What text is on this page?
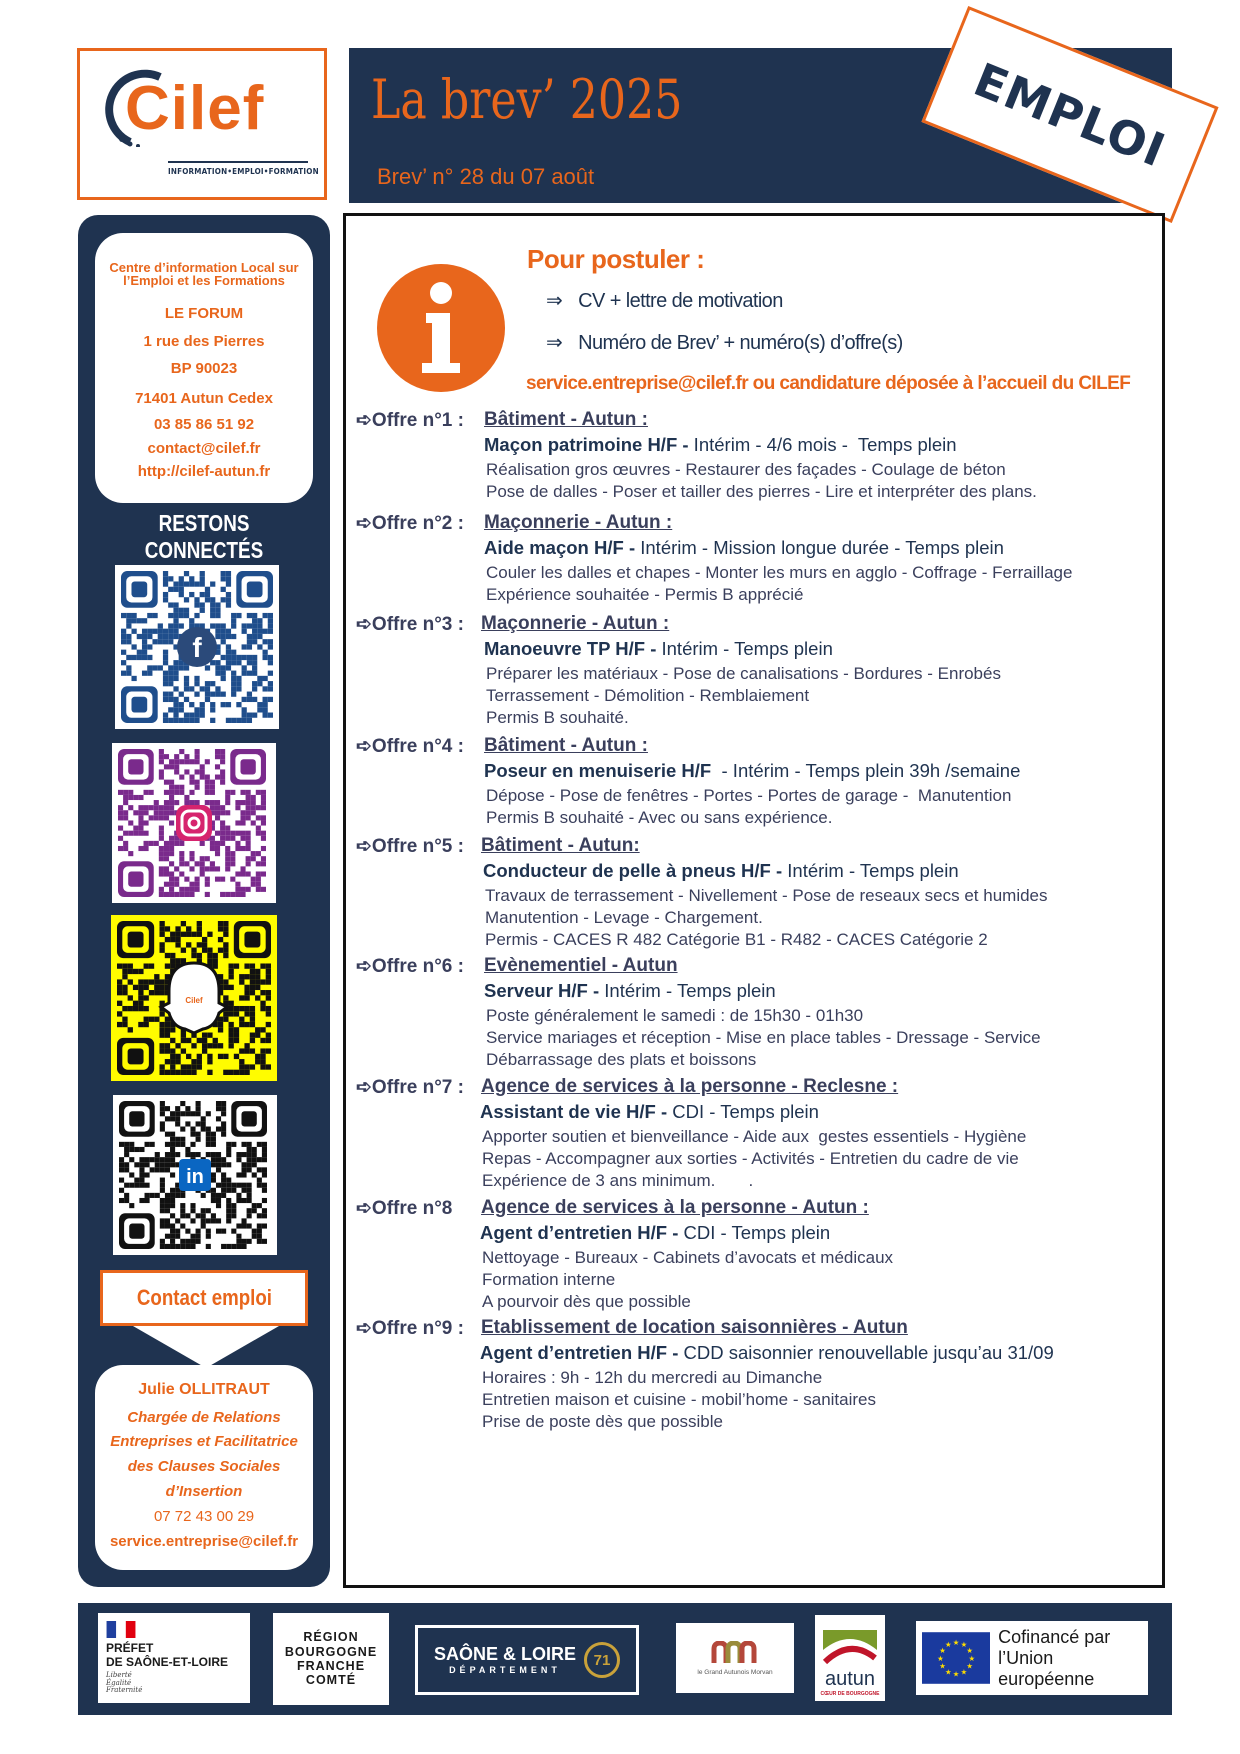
Cilef
INFORMATION•EMPLOI•FORMATION
La brev’ 2025
Brev’ n° 28 du 07 août	EMPLOI
Centre d’information Local sur
l’Emploi et les Formations
LE FORUM
1 rue des Pierres
BP 90023
71401 Autun Cedex
03 85 86 51 92
contact@cilef.fr
http://cilef-autun.fr
RESTONS CONNECTÉS
f
Cilef
in
Contact emploi
Julie OLLITRAUT
Chargée de Relations
Entreprises et Facilitatrice
des Clauses Sociales
d’Insertion
07 72 43 00 29
service.entreprise@cilef.fr
Pour postuler :
⇒ CV + lettre de motivation
⇒ Numéro de Brev’ + numéro(s) d’offre(s)
service.entreprise@cilef.fr ou candidature déposée à l’accueil du CILEF
➪Offre n°1 : Bâtiment - Autun :
Maçon patrimoine H/F - Intérim - 4/6 mois -  Temps plein
Réalisation gros œuvres - Restaurer des façades - Coulage de béton
Pose de dalles - Poser et tailler des pierres - Lire et interpréter des plans.
➪Offre n°2 : Maçonnerie - Autun :
Aide maçon H/F - Intérim - Mission longue durée - Temps plein
Couler les dalles et chapes - Monter les murs en agglo - Coffrage - Ferraillage
Expérience souhaitée - Permis B apprécié
➪Offre n°3 : Maçonnerie - Autun :
Manoeuvre TP H/F - Intérim - Temps plein
Préparer les matériaux - Pose de canalisations - Bordures - Enrobés
Terrassement - Démolition - Remblaiement
Permis B souhaité.
➪Offre n°4 : Bâtiment - Autun :
Poseur en menuiserie H/F  - Intérim - Temps plein 39h /semaine
Dépose - Pose de fenêtres - Portes - Portes de garage -  Manutention
Permis B souhaité - Avec ou sans expérience.
➪Offre n°5 : Bâtiment - Autun:
Conducteur de pelle à pneus H/F - Intérim - Temps plein
Travaux de terrassement - Nivellement - Pose de reseaux secs et humides
Manutention - Levage - Chargement.
Permis - CACES R 482 Catégorie B1 - R482 - CACES Catégorie 2
➪Offre n°6 : Evènementiel - Autun
Serveur H/F - Intérim - Temps plein
Poste généralement le samedi : de 15h30 - 01h30
Service mariages et réception - Mise en place tables - Dressage - Service
Débarrassage des plats et boissons
➪Offre n°7 : Agence de services à la personne - Reclesne :
Assistant de vie H/F - CDI - Temps plein
Apporter soutien et bienveillance - Aide aux  gestes essentiels - Hygiène
Repas - Accompagner aux sorties - Activités - Entretien du cadre de vie
Expérience de 3 ans minimum.       .
➪Offre n°8 Agence de services à la personne - Autun :
Agent d’entretien H/F - CDI - Temps plein
Nettoyage - Bureaux - Cabinets d’avocats et médicaux
Formation interne
A pourvoir dès que possible
➪Offre n°9 : Etablissement de location saisonnières - Autun
Agent d’entretien H/F - CDD saisonnier renouvellable jusqu’au 31/09
Horaires : 9h - 12h du mercredi au Dimanche
Entretien maison et cuisine - mobil’home - sanitaires
Prise de poste dès que possible
PRÉFET
DE SAÔNE-ET-LOIRE
Liberté
Égalité
Fraternité
RÉGION
BOURGOGNE
FRANCHE
COMTÉ
SAÔNE & LOIRE
DÉPARTEMENT
71
le Grand Autunois Morvan	autun
CŒUR DE BOURGOGNE
★
★
★
★
★
★
★
★
★ ★ ★
★
Cofinancé par
l’Union européenne
